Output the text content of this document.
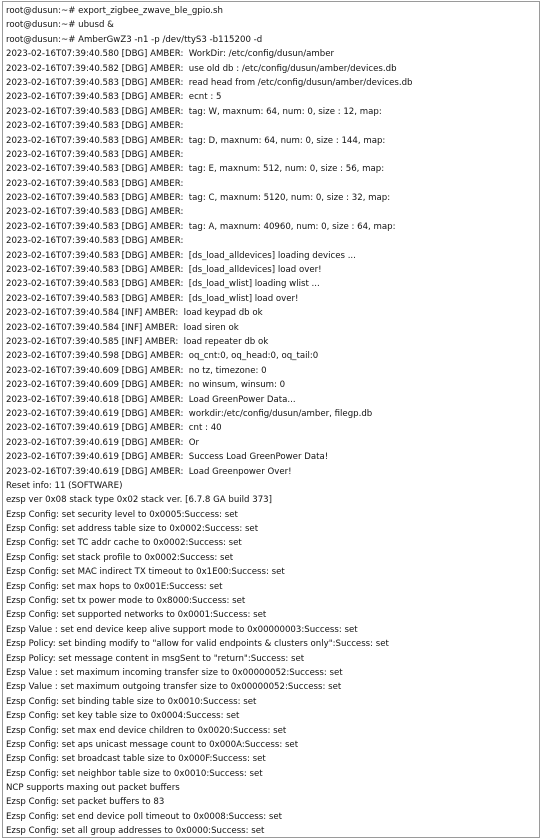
root@dusun:~# export_zigbee_zwave_ble_gpio.sh
root@dusun:~# ubusd &
root@dusun:~# AmberGwZ3 -n1 -p /dev/ttyS3 -b115200 -d
2023-02-16T07:39:40.580 [DBG] AMBER:  WorkDir: /etc/config/dusun/amber
2023-02-16T07:39:40.582 [DBG] AMBER:  use old db : /etc/config/dusun/amber/devices.db
2023-02-16T07:39:40.583 [DBG] AMBER:  read head from /etc/config/dusun/amber/devices.db
2023-02-16T07:39:40.583 [DBG] AMBER:  ecnt : 5
2023-02-16T07:39:40.583 [DBG] AMBER:  tag: W, maxnum: 64, num: 0, size : 12, map:
2023-02-16T07:39:40.583 [DBG] AMBER:
2023-02-16T07:39:40.583 [DBG] AMBER:  tag: D, maxnum: 64, num: 0, size : 144, map:
2023-02-16T07:39:40.583 [DBG] AMBER:
2023-02-16T07:39:40.583 [DBG] AMBER:  tag: E, maxnum: 512, num: 0, size : 56, map:
2023-02-16T07:39:40.583 [DBG] AMBER:
2023-02-16T07:39:40.583 [DBG] AMBER:  tag: C, maxnum: 5120, num: 0, size : 32, map:
2023-02-16T07:39:40.583 [DBG] AMBER:
2023-02-16T07:39:40.583 [DBG] AMBER:  tag: A, maxnum: 40960, num: 0, size : 64, map:
2023-02-16T07:39:40.583 [DBG] AMBER:
2023-02-16T07:39:40.583 [DBG] AMBER:  [ds_load_alldevices] loading devices ...
2023-02-16T07:39:40.583 [DBG] AMBER:  [ds_load_alldevices] load over!
2023-02-16T07:39:40.583 [DBG] AMBER:  [ds_load_wlist] loading wlist ...
2023-02-16T07:39:40.583 [DBG] AMBER:  [ds_load_wlist] load over!
2023-02-16T07:39:40.584 [INF] AMBER:  load keypad db ok
2023-02-16T07:39:40.584 [INF] AMBER:  load siren ok
2023-02-16T07:39:40.585 [INF] AMBER:  load repeater db ok
2023-02-16T07:39:40.598 [DBG] AMBER:  oq_cnt:0, oq_head:0, oq_tail:0
2023-02-16T07:39:40.609 [DBG] AMBER:  no tz, timezone: 0
2023-02-16T07:39:40.609 [DBG] AMBER:  no winsum, winsum: 0
2023-02-16T07:39:40.618 [DBG] AMBER:  Load GreenPower Data...
2023-02-16T07:39:40.619 [DBG] AMBER:  workdir:/etc/config/dusun/amber, filegp.db
2023-02-16T07:39:40.619 [DBG] AMBER:  cnt : 40
2023-02-16T07:39:40.619 [DBG] AMBER:  Or
2023-02-16T07:39:40.619 [DBG] AMBER:  Success Load GreenPower Data!
2023-02-16T07:39:40.619 [DBG] AMBER:  Load Greenpower Over!
Reset info: 11 (SOFTWARE)
ezsp ver 0x08 stack type 0x02 stack ver. [6.7.8 GA build 373]
Ezsp Config: set security level to 0x0005:Success: set
Ezsp Config: set address table size to 0x0002:Success: set
Ezsp Config: set TC addr cache to 0x0002:Success: set
Ezsp Config: set stack profile to 0x0002:Success: set
Ezsp Config: set MAC indirect TX timeout to 0x1E00:Success: set
Ezsp Config: set max hops to 0x001E:Success: set
Ezsp Config: set tx power mode to 0x8000:Success: set
Ezsp Config: set supported networks to 0x0001:Success: set
Ezsp Value : set end device keep alive support mode to 0x00000003:Success: set
Ezsp Policy: set binding modify to "allow for valid endpoints & clusters only":Success: set
Ezsp Policy: set message content in msgSent to "return":Success: set
Ezsp Value : set maximum incoming transfer size to 0x00000052:Success: set
Ezsp Value : set maximum outgoing transfer size to 0x00000052:Success: set
Ezsp Config: set binding table size to 0x0010:Success: set
Ezsp Config: set key table size to 0x0004:Success: set
Ezsp Config: set max end device children to 0x0020:Success: set
Ezsp Config: set aps unicast message count to 0x000A:Success: set
Ezsp Config: set broadcast table size to 0x000F:Success: set
Ezsp Config: set neighbor table size to 0x0010:Success: set
NCP supports maxing out packet buffers
Ezsp Config: set packet buffers to 83
Ezsp Config: set end device poll timeout to 0x0008:Success: set
Ezsp Config: set all group addresses to 0x0000:Success: set
